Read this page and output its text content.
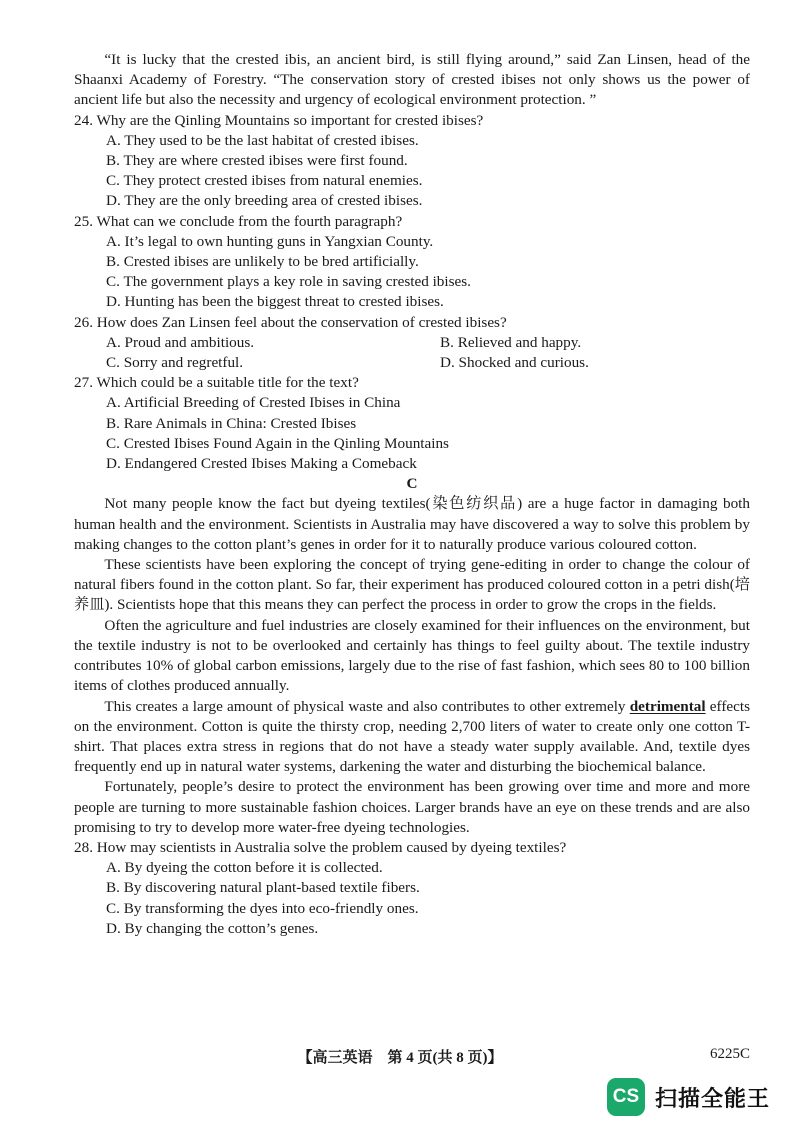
“It is lucky that the crested ibis, an ancient bird, is still flying around,” said Zan Linsen, head of the Shaanxi Academy of Forestry. “The conservation story of crested ibises not only shows us the power of ancient life but also the necessity and urgency of ecological environment protection. ”

24. Why are the Qinling Mountains so important for crested ibises?

A. They used to be the last habitat of crested ibises.

B. They are where crested ibises were first found.

C. They protect crested ibises from natural enemies.

D. They are the only breeding area of crested ibises.

25. What can we conclude from the fourth paragraph?

A. It’s legal to own hunting guns in Yangxian County.

B. Crested ibises are unlikely to be bred artificially.

C. The government plays a key role in saving crested ibises.

D. Hunting has been the biggest threat to crested ibises.

26. How does Zan Linsen feel about the conservation of crested ibises?

A. Proud and ambitious.	B. Relieved and happy.
C. Sorry and regretful.	D. Shocked and curious.

27. Which could be a suitable title for the text?

A. Artificial Breeding of Crested Ibises in China

B. Rare Animals in China: Crested Ibises

C. Crested Ibises Found Again in the Qinling Mountains

D. Endangered Crested Ibises Making a Comeback

C

Not many people know the fact but dyeing textiles(染色纺织品) are a huge factor in damaging both human health and the environment. Scientists in Australia may have discovered a way to solve this problem by making changes to the cotton plant’s genes in order for it to naturally produce various coloured cotton.

These scientists have been exploring the concept of trying gene-editing in order to change the colour of natural fibers found in the cotton plant. So far, their experiment has produced coloured cotton in a petri dish(培养皿). Scientists hope that this means they can perfect the process in order to grow the crops in the fields.

Often the agriculture and fuel industries are closely examined for their influences on the environment, but the textile industry is not to be overlooked and certainly has things to feel guilty about. The textile industry contributes 10% of global carbon emissions, largely due to the rise of fast fashion, which sees 80 to 100 billion items of clothes produced annually.

This creates a large amount of physical waste and also contributes to other extremely detrimental effects on the environment. Cotton is quite the thirsty crop, needing 2,700 liters of water to create only one cotton T-shirt. That places extra stress in regions that do not have a steady water supply available. And, textile dyes frequently end up in natural water systems, darkening the water and disturbing the biochemical balance.

Fortunately, people’s desire to protect the environment has been growing over time and more and more people are turning to more sustainable fashion choices. Larger brands have an eye on these trends and are also promising to try to develop more water-free dyeing technologies.

28. How may scientists in Australia solve the problem caused by dyeing textiles?

A. By dyeing the cotton before it is collected.

B. By discovering natural plant-based textile fibers.

C. By transforming the dyes into eco-friendly ones.

D. By changing the cotton’s genes.

【高三英语　第 4 页(共 8 页)】	6225C
CS 扫描全能王
